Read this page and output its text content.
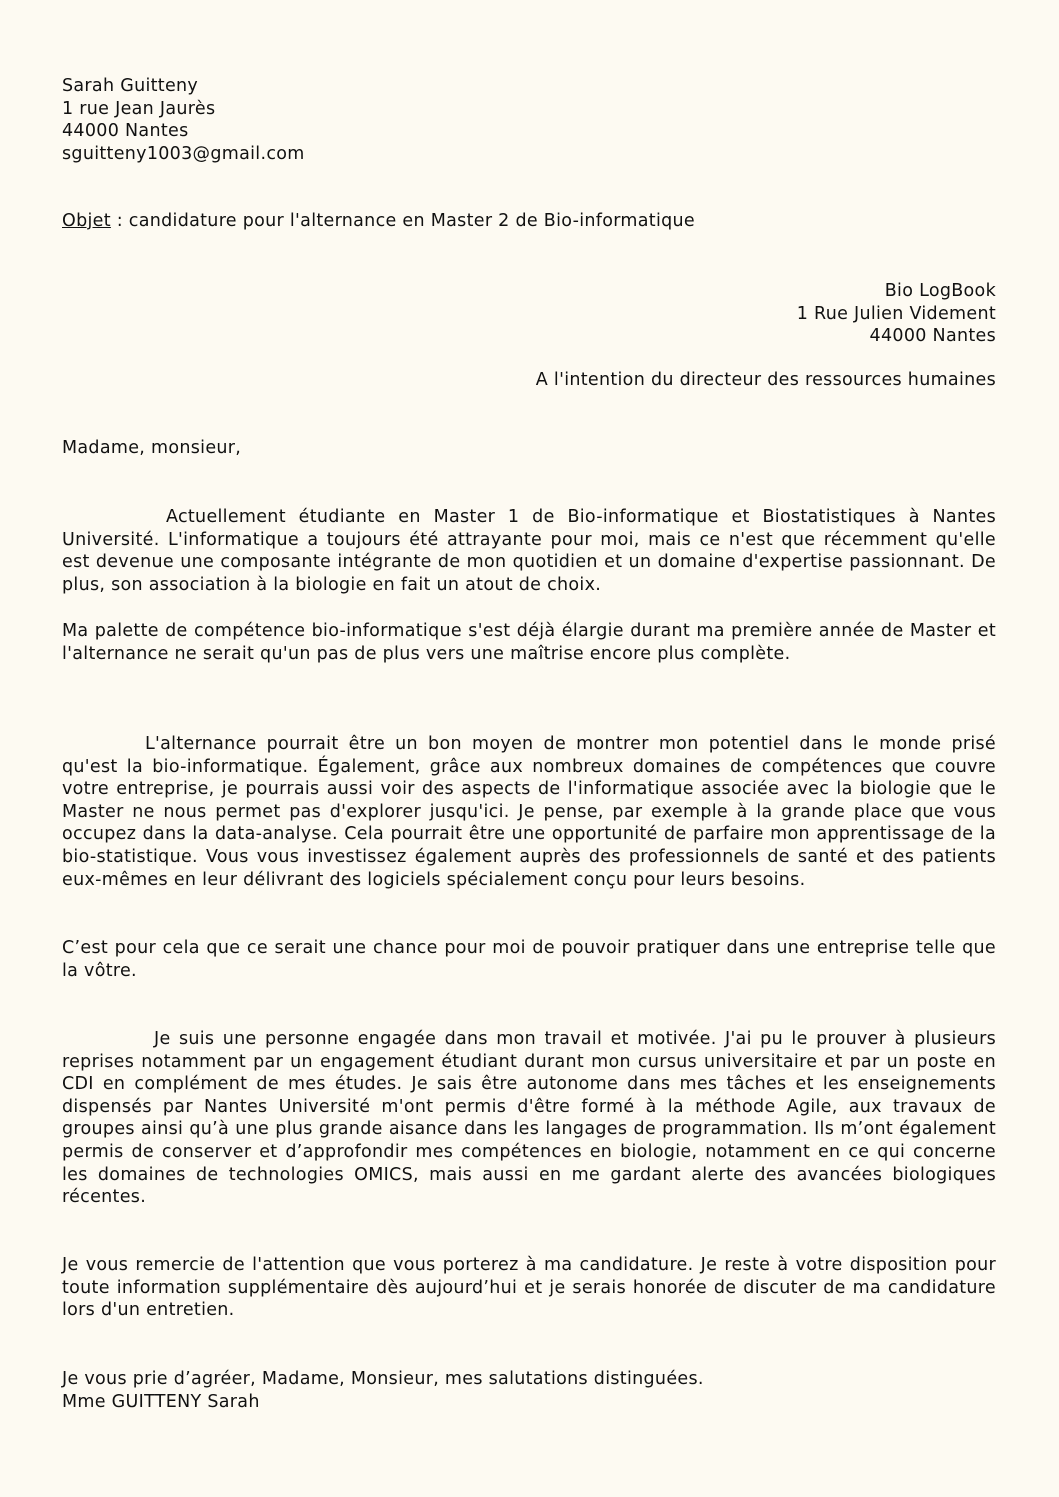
Sarah Guitteny
1 rue Jean Jaurès
44000 Nantes
sguitteny1003@gmail.com
Objet : candidature pour l'alternance en Master 2 de Bio-informatique
Bio LogBook
1 Rue Julien Videment
44000 Nantes
A l'intention du directeur des ressources humaines
Madame, monsieur,
Actuellement étudiante en Master 1 de Bio-informatique et Biostatistiques à Nantes Université. L'informatique a toujours été attrayante pour moi, mais ce n'est que récemment qu'elle est devenue une composante intégrante de mon quotidien et un domaine d'expertise passionnant. De plus, son association à la biologie en fait un atout de choix.
Ma palette de compétence bio-informatique s'est déjà élargie durant ma première année de Master et l'alternance ne serait qu'un pas de plus vers une maîtrise encore plus complète.
L'alternance pourrait être un bon moyen de montrer mon potentiel dans le monde prisé qu'est la bio-informatique. Également, grâce aux nombreux domaines de compétences que couvre votre entreprise, je pourrais aussi voir des aspects de l'informatique associée avec la biologie que le Master ne nous permet pas d'explorer jusqu'ici. Je pense, par exemple à la grande place que vous occupez dans la data-analyse. Cela pourrait être une opportunité de parfaire mon apprentissage de la bio-statistique. Vous vous investissez également auprès des professionnels de santé et des patients eux-mêmes en leur délivrant des logiciels spécialement conçu pour leurs besoins.
C’est pour cela que ce serait une chance pour moi de pouvoir pratiquer dans une entreprise telle que la vôtre.
Je suis une personne engagée dans mon travail et motivée. J'ai pu le prouver à plusieurs reprises notamment par un engagement étudiant durant mon cursus universitaire et par un poste en CDI en complément de mes études. Je sais être autonome dans mes tâches et les enseignements dispensés par Nantes Université m'ont permis d'être formé à la méthode Agile, aux travaux de groupes ainsi qu’à une plus grande aisance dans les langages de programmation. Ils m’ont également permis de conserver et d’approfondir mes compétences en biologie, notamment en ce qui concerne les domaines de technologies OMICS, mais aussi en me gardant alerte des avancées biologiques récentes.
Je vous remercie de l'attention que vous porterez à ma candidature. Je reste à votre disposition pour toute information supplémentaire dès aujourd’hui et je serais honorée de discuter de ma candidature lors d'un entretien.
Je vous prie d’agréer, Madame, Monsieur, mes salutations distinguées.
Mme GUITTENY Sarah
